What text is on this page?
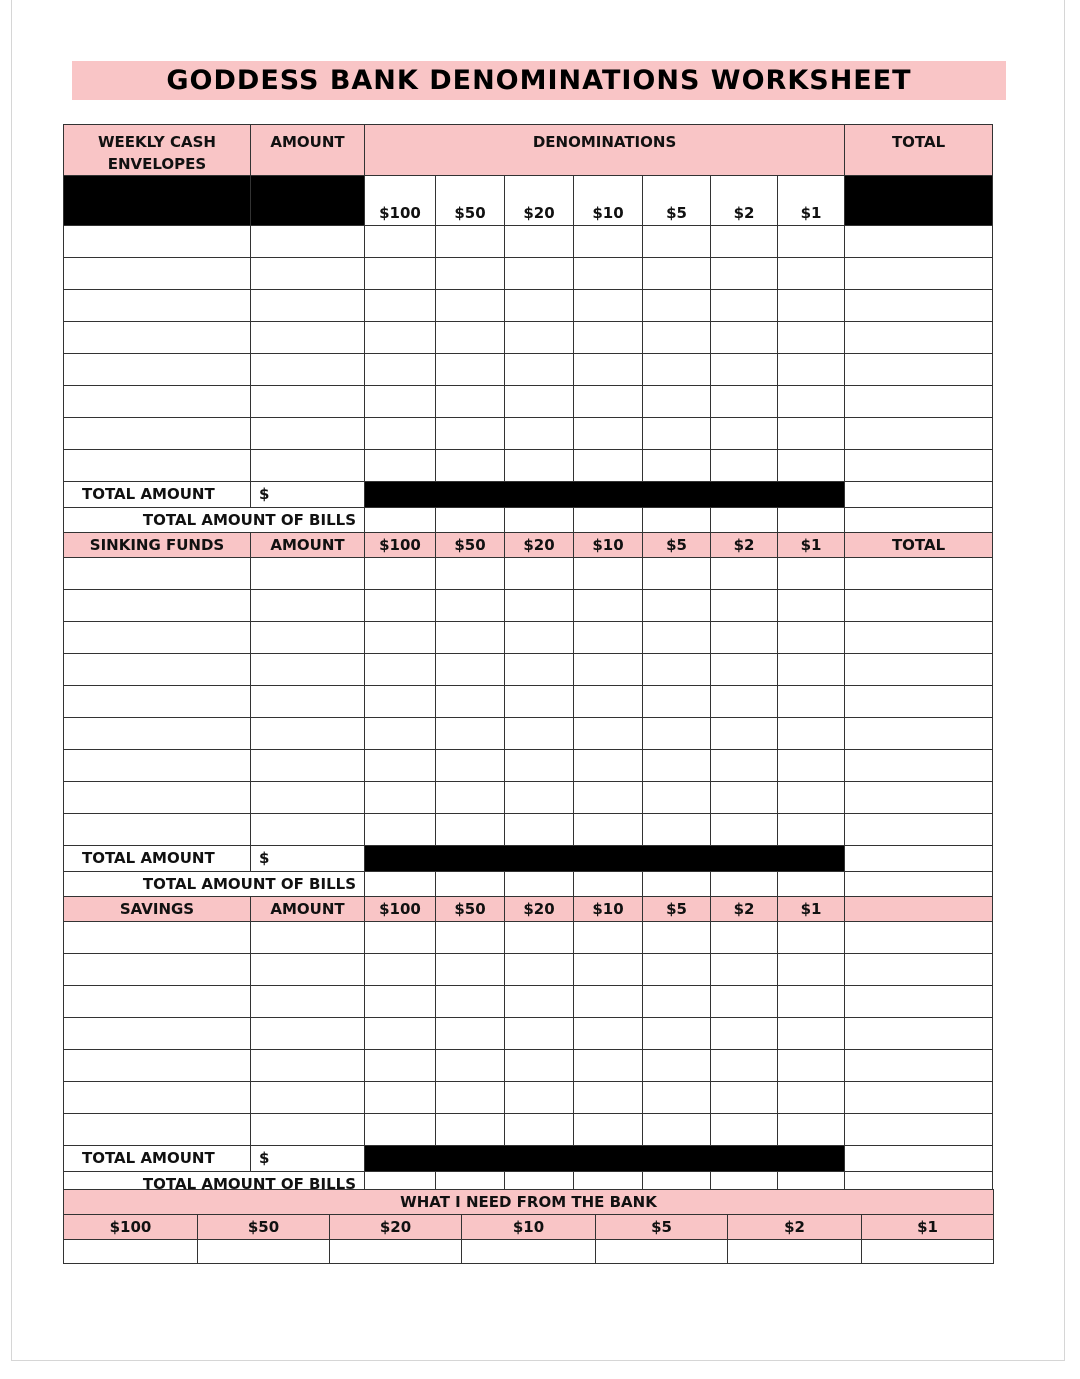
GODDESS BANK DENOMINATIONS WORKSHEET
WEEKLY CASH
ENVELOPES	AMOUNT	DENOMINATIONS							TOTAL
		$100	$50	$20	$10	$5	$2	$1	

TOTAL AMOUNT	$								
TOTAL AMOUNT OF BILLS									
SINKING FUNDS	AMOUNT	$100	$50	$20	$10	$5	$2	$1	TOTAL

TOTAL AMOUNT	$								
TOTAL AMOUNT OF BILLS									
SAVINGS	AMOUNT	$100	$50	$20	$10	$5	$2	$1	

TOTAL AMOUNT	$								
TOTAL AMOUNT OF BILLS									
WHAT I NEED FROM THE BANK						
$100	$50	$20	$10	$5	$2	$1
